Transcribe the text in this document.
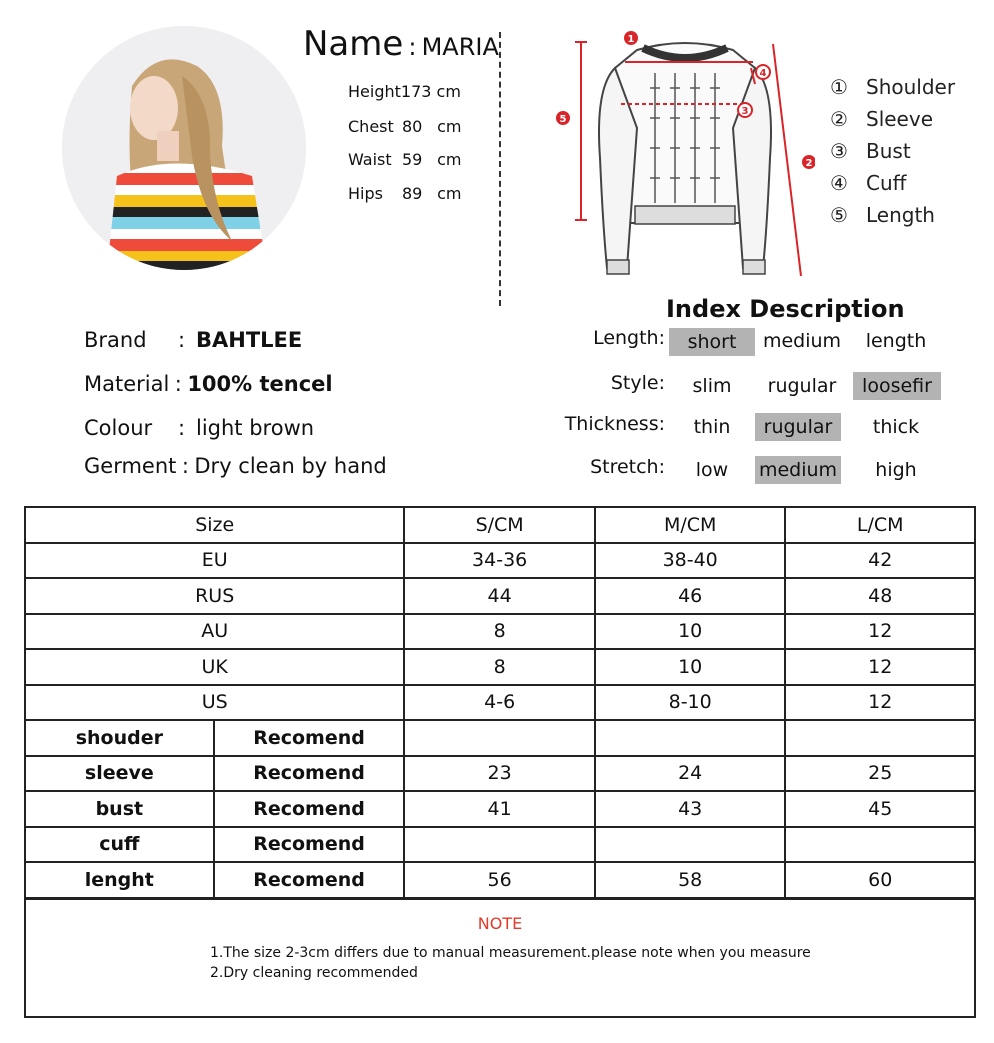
Name : MARIA
Height173 cm
Chest 80 cm
Waist 59 cm
Hips 89 cm
1
2
3
4
5
① Shoulder
② Sleeve
③ Bust
④ Cuff
⑤ Length
Index Description
Length:	short	medium	length
Style:	slim	rugular	loosefir
Thickness:	thin	rugular	thick
Stretch:	low	medium	high
Brand : BAHTLEE
Material : 100% tencel
Colour : light brown
Germent : Dry clean by hand
Size		S/CM	M/CM	L/CM
EU		34-36	38-40	42
RUS		44	46	48
AU		8	10	12
UK		8	10	12
US		4-6	8-10	12
shouder	Recomend			
sleeve	Recomend	23	24	25
bust	Recomend	41	43	45
cuff	Recomend			
lenght	Recomend	56	58	60
NOTE
1.The size 2-3cm differs due to manual measurement.please note when you measure
2.Dry cleaning recommended
